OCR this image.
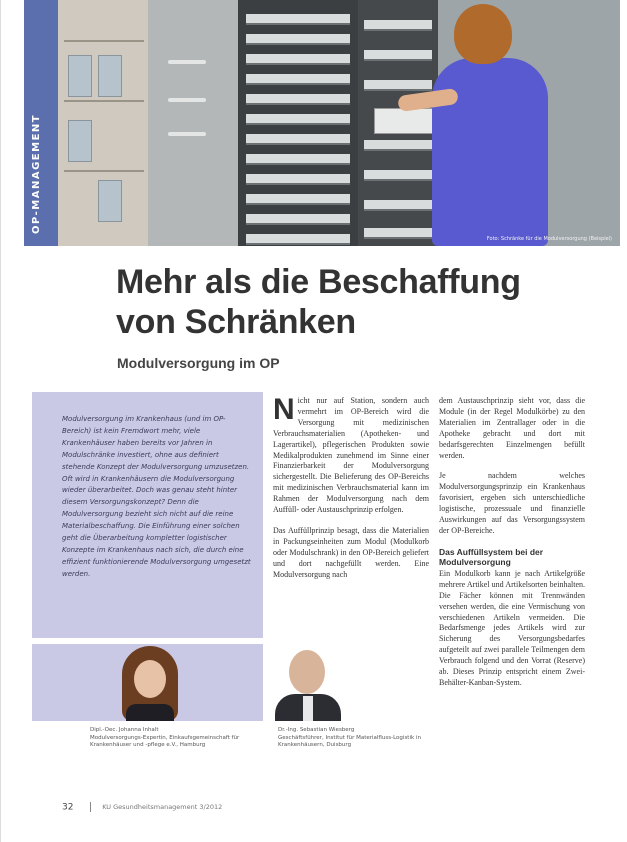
Foto: Schränke für die Modulversorgung (Beispiel)
OP-MANAGEMENT
Mehr als die Beschaffung von Schränken
Modulversorgung im OP

Modulversorgung im Krankenhaus (und im OP-Bereich) ist kein Fremdwort mehr, viele Krankenhäuser haben bereits vor Jahren in Modulschränke investiert, ohne aus definiert stehende Konzept der Modulversorgung umzusetzen. Oft wird in Krankenhäusern die Modulversorgung wieder überarbeitet. Doch was genau steht hinter diesem Versorgungskonzept? Denn die Modulversorgung bezieht sich nicht auf die reine Materialbeschaffung. Die Einführung einer solchen geht die Überarbeitung kompletter logistischer Konzepte im Krankenhaus nach sich, die durch eine effizient funktionierende Modulversorgung umgesetzt werden.

Dipl.-Oec. Johanna Inhalt
Modulversorgungs-Expertin, Einkaufsgemeinschaft für Krankenhäuser und -pflege e.V., Hamburg
Dr.-Ing. Sebastian Wiesberg
Geschäftsführer, Institut für Materialfluss-Logistik in Krankenhäusern, Duisburg

Nicht nur auf Station, sondern auch vermehrt im OP-Bereich wird die Versorgung mit medizinischen Verbrauchsmaterialien (Apotheken- und Lagerartikel), pflegerischen Produkten sowie Medikalprodukten zunehmend im Sinne einer Finanzierbarkeit der Modulversorgung sichergestellt. Die Belieferung des OP-Bereichs mit medizinischen Verbrauchsmaterial kann im Rahmen der Modulversorgung nach dem Auffüll- oder Austauschprinzip erfolgen.

Das Auffüllprinzip besagt, dass die Materialien in Packungseinheiten zum Modul (Modulkorb oder Modulschrank) in den OP-Bereich geliefert und dort nachgefüllt werden. Eine Modulversorgung nach

dem Austauschprinzip sieht vor, dass die Module (in der Regel Modulkörbe) zu den Materialien im Zentrallager oder in die Apotheke gebracht und dort mit bedarfsgerechten Einzelmengen befüllt werden.

Je nachdem welches Modulversorgungsprinzip ein Krankenhaus favorisiert, ergeben sich unterschiedliche logistische, prozessuale und finanzielle Auswirkungen auf das Versorgungssystem der OP-Bereiche.

Das Auffüllsystem bei der Modulversorgung

Ein Modulkorb kann je nach Artikelgröße mehrere Artikel und Artikelsorten beinhalten. Die Fächer können mit Trennwänden versehen werden, die eine Vermischung von verschiedenen Artikeln vermeiden. Die Bedarfsmenge jedes Artikels wird zur Sicherung des Versorgungsbedarfes aufgeteilt auf zwei parallele Teilmengen dem Verbrauch folgend und den Vorrat (Reserve) ab. Dieses Prinzip entspricht einem Zwei-Behälter-Kanban-System.

32	KU Gesundheitsmanagement 3/2012
